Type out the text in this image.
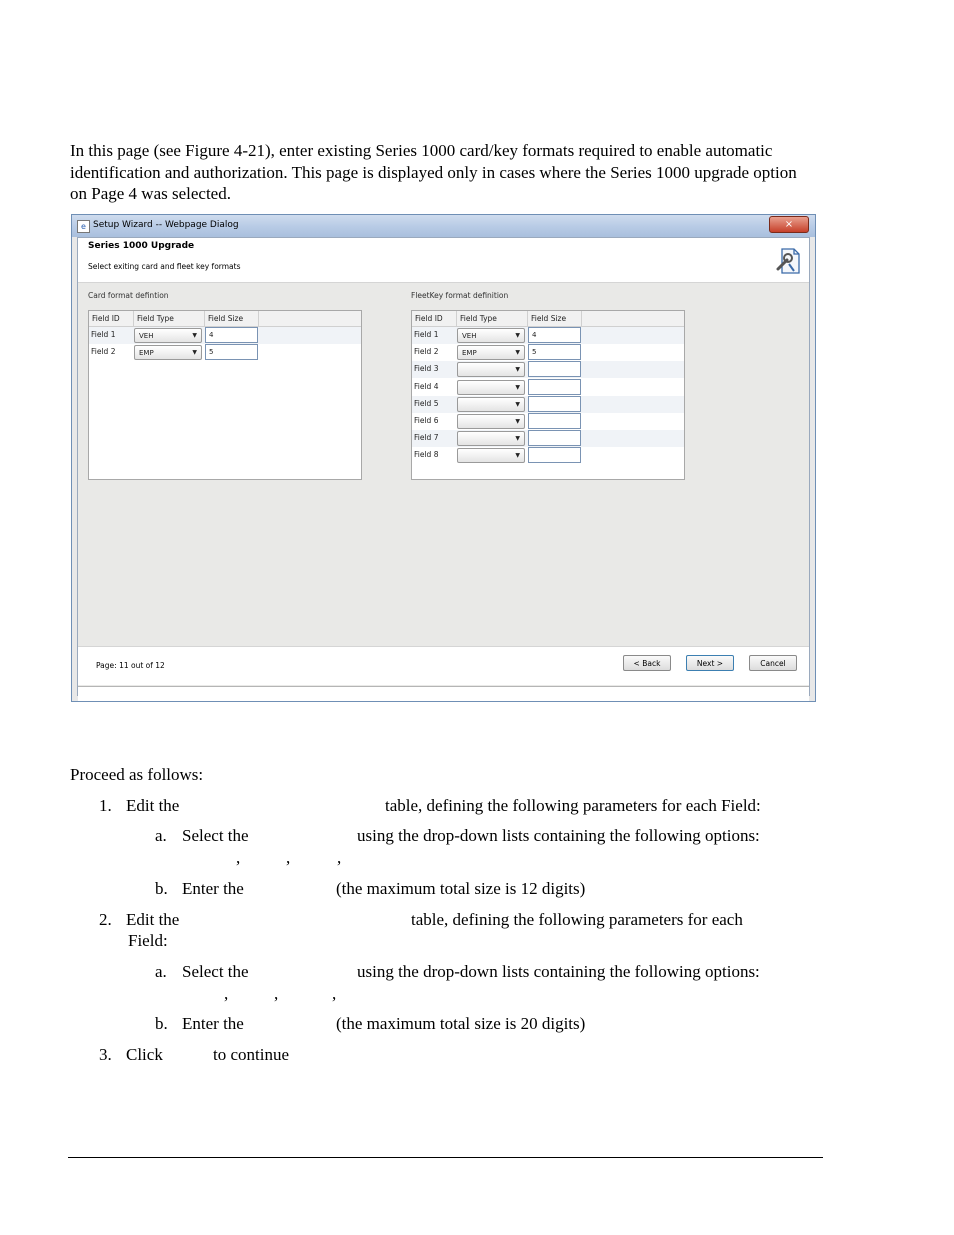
In this page (see Figure 4-21), enter existing Series 1000 card/key formats required to enable automatic identification and authorization. This page is displayed only in cases where the Series 1000 upgrade option on Page 4 was selected.
e Setup Wizard -- Webpage Dialog	×
Series 1000 Upgrade
Select exiting card and fleet key formats
Card format defintion	FleetKey format definition
Field ID Field Type	Field Size
Field 1	VEH	▼ 4
Field 2	EMP	▼ 5
Field ID Field Type	Field Size
Field 1	VEH	▼ 4
Field 2	EMP	▼ 5
Field 3	▼
Field 4	▼
Field 5	▼
Field 6	▼
Field 7	▼
Field 8	▼
Page: 11 out of 12	< Back	Next >	Cancel
Proceed as follows:
1. Edit the	table, defining the following parameters for each Field:
a. Select the	using the drop-down lists containing the following options:
,	,	,
b. Enter the	(the maximum total size is 12 digits)
2. Edit the	table, defining the following parameters for each
Field:
a. Select the	using the drop-down lists containing the following options:
,	,	,
b. Enter the	(the maximum total size is 20 digits)
3. Click	to continue
